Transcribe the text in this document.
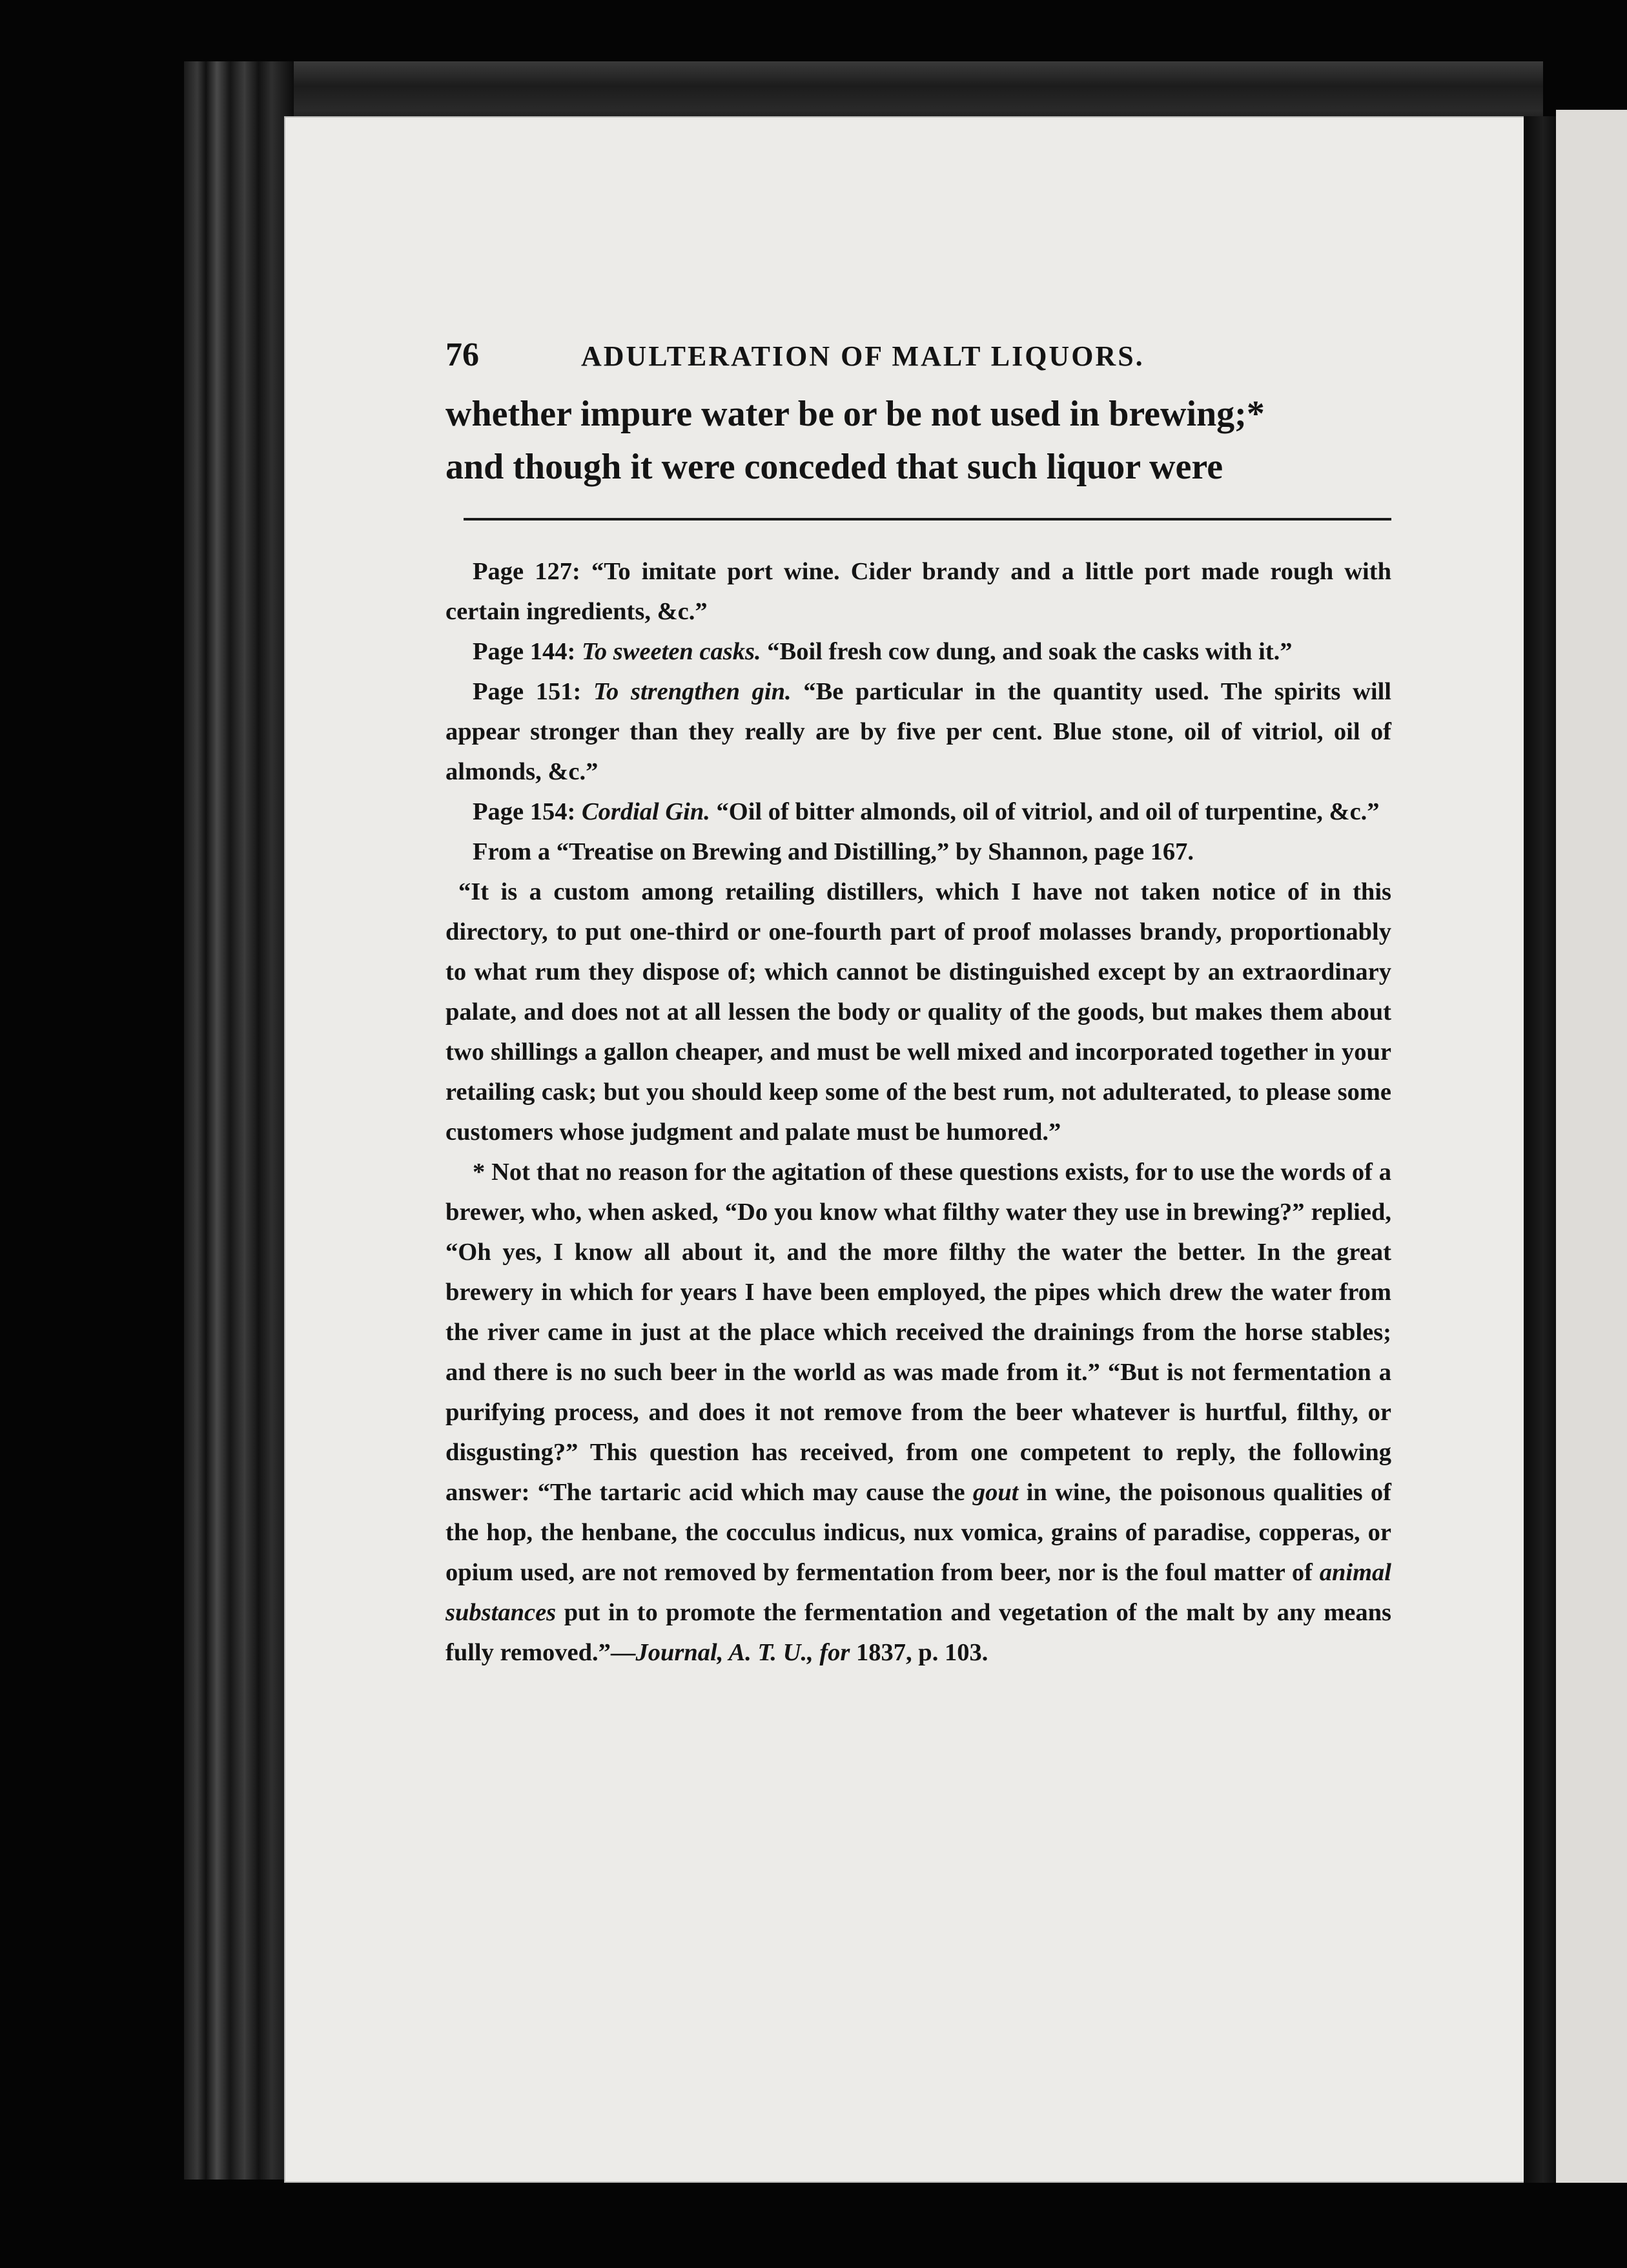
76	ADULTERATION OF MALT LIQUORS.

whether impure water be or be not used in brewing;*

and though it were conceded that such liquor were

Page 127: “To imitate port wine. Cider brandy and a little port made rough with certain ingredients, &c.”

Page 144: To sweeten casks. “Boil fresh cow dung, and soak the casks with it.”

Page 151: To strengthen gin. “Be particular in the quantity used. The spirits will appear stronger than they really are by five per cent. Blue stone, oil of vitriol, oil of almonds, &c.”

Page 154: Cordial Gin. “Oil of bitter almonds, oil of vitriol, and oil of turpentine, &c.”

From a “Treatise on Brewing and Distilling,” by Shannon, page 167.

“It is a custom among retailing distillers, which I have not taken notice of in this directory, to put one-third or one-fourth part of proof molasses brandy, proportionably to what rum they dispose of; which cannot be distinguished except by an extraordinary palate, and does not at all lessen the body or quality of the goods, but makes them about two shillings a gallon cheaper, and must be well mixed and incorporated together in your retailing cask; but you should keep some of the best rum, not adulterated, to please some customers whose judgment and palate must be humored.”

* Not that no reason for the agitation of these questions exists, for to use the words of a brewer, who, when asked, “Do you know what filthy water they use in brewing?” replied, “Oh yes, I know all about it, and the more filthy the water the better. In the great brewery in which for years I have been employed, the pipes which drew the water from the river came in just at the place which received the drainings from the horse stables; and there is no such beer in the world as was made from it.” “But is not fermentation a purifying process, and does it not remove from the beer whatever is hurtful, filthy, or disgusting?” This question has received, from one competent to reply, the following answer: “The tartaric acid which may cause the gout in wine, the poisonous qualities of the hop, the henbane, the cocculus indicus, nux vomica, grains of paradise, copperas, or opium used, are not removed by fermentation from beer, nor is the foul matter of animal substances put in to promote the fermentation and vegetation of the malt by any means fully removed.”—Journal, A. T. U., for 1837, p. 103.
